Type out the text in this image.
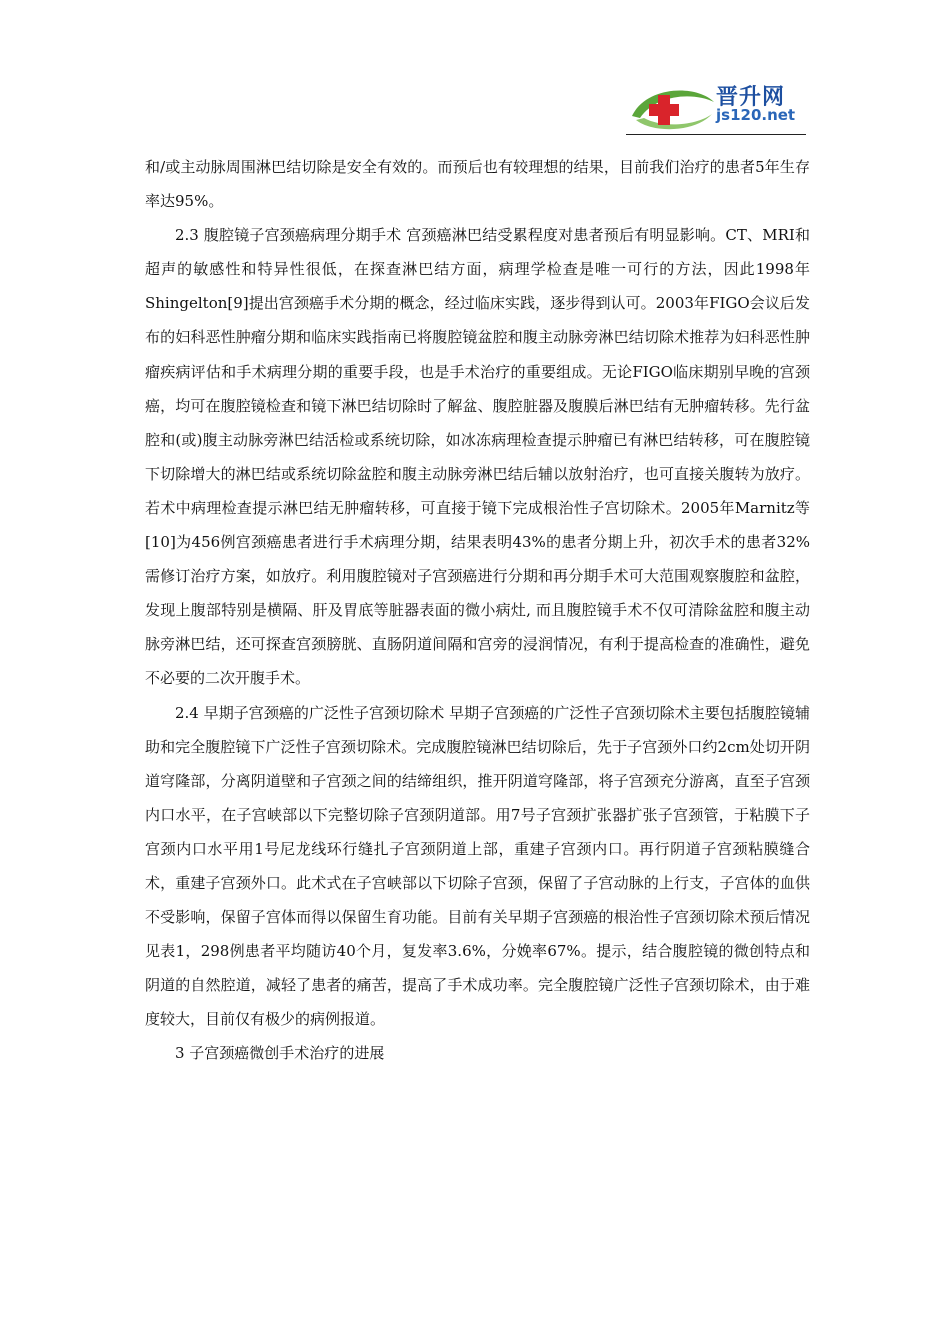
晋升网
js120.net

和/或主动脉周围淋巴结切除是安全有效的。而预后也有较理想的结果，目前我们治疗的患者5年生存率达95%。

2.3 腹腔镜子宫颈癌病理分期手术 宫颈癌淋巴结受累程度对患者预后有明显影响。CT、MRI和超声的敏感性和特异性很低，在探查淋巴结方面，病理学检查是唯一可行的方法，因此1998年Shingelton[9]提出宫颈癌手术分期的概念，经过临床实践，逐步得到认可。2003年FIGO会议后发布的妇科恶性肿瘤分期和临床实践指南已将腹腔镜盆腔和腹主动脉旁淋巴结切除术推荐为妇科恶性肿瘤疾病评估和手术病理分期的重要手段，也是手术治疗的重要组成。无论FIGO临床期别早晚的宫颈癌，均可在腹腔镜检查和镜下淋巴结切除时了解盆、腹腔脏器及腹膜后淋巴结有无肿瘤转移。先行盆腔和(或)腹主动脉旁淋巴结活检或系统切除，如冰冻病理检查提示肿瘤已有淋巴结转移，可在腹腔镜下切除增大的淋巴结或系统切除盆腔和腹主动脉旁淋巴结后辅以放射治疗，也可直接关腹转为放疗。若术中病理检查提示淋巴结无肿瘤转移，可直接于镜下完成根治性子宫切除术。2005年Marnitz等[10]为456例宫颈癌患者进行手术病理分期，结果表明43%的患者分期上升，初次手术的患者32%需修订治疗方案，如放疗。利用腹腔镜对子宫颈癌进行分期和再分期手术可大范围观察腹腔和盆腔，发现上腹部特别是横隔、肝及胃底等脏器表面的微小病灶, 而且腹腔镜手术不仅可清除盆腔和腹主动脉旁淋巴结，还可探查宫颈膀胱、直肠阴道间隔和宫旁的浸润情况，有利于提高检查的准确性，避免不必要的二次开腹手术。

2.4 早期子宫颈癌的广泛性子宫颈切除术 早期子宫颈癌的广泛性子宫颈切除术主要包括腹腔镜辅助和完全腹腔镜下广泛性子宫颈切除术。完成腹腔镜淋巴结切除后，先于子宫颈外口约2cm处切开阴道穹隆部，分离阴道壁和子宫颈之间的结缔组织，推开阴道穹隆部，将子宫颈充分游离，直至子宫颈内口水平，在子宫峡部以下完整切除子宫颈阴道部。用7号子宫颈扩张器扩张子宫颈管，于粘膜下子宫颈内口水平用1号尼龙线环行缝扎子宫颈阴道上部，重建子宫颈内口。再行阴道子宫颈粘膜缝合术，重建子宫颈外口。此术式在子宫峡部以下切除子宫颈，保留了子宫动脉的上行支，子宫体的血供不受影响，保留子宫体而得以保留生育功能。目前有关早期子宫颈癌的根治性子宫颈切除术预后情况见表1，298例患者平均随访40个月，复发率3.6%，分娩率67%。提示，结合腹腔镜的微创特点和阴道的自然腔道，减轻了患者的痛苦，提高了手术成功率。完全腹腔镜广泛性子宫颈切除术，由于难度较大，目前仅有极少的病例报道。

3 子宫颈癌微创手术治疗的进展
